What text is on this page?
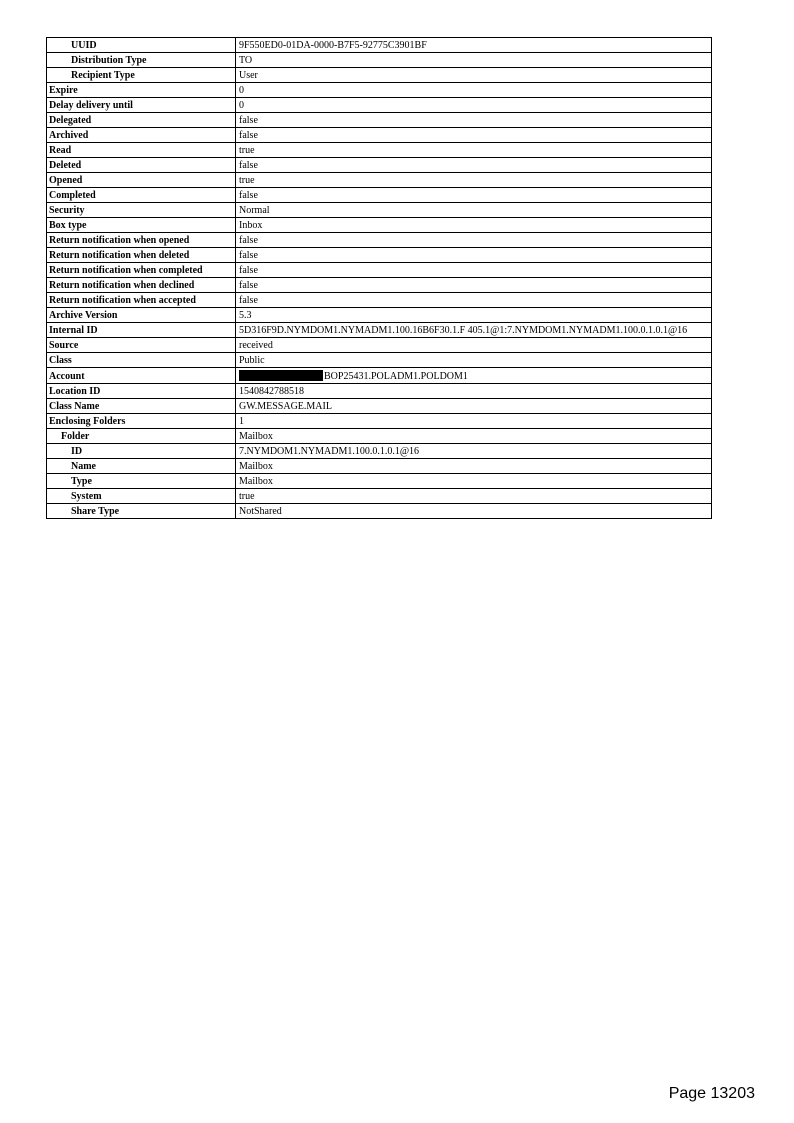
UUID	9F550ED0-01DA-0000-B7F5-92775C3901BF
Distribution Type	TO
Recipient Type	User
Expire	0
Delay delivery until	0
Delegated	false
Archived	false
Read	true
Deleted	false
Opened	true
Completed	false
Security	Normal
Box type	Inbox
Return notification when opened	false
Return notification when deleted	false
Return notification when completed	false
Return notification when declined	false
Return notification when accepted	false
Archive Version	5.3
Internal ID	5D316F9D.NYMDOM1.NYMADM1.100.16B6F30.1.F 405.1@1:7.NYMDOM1.NYMADM1.100.0.1.0.1@16
Source	received
Class	Public
Account	BOP25431.POLADM1.POLDOM1
Location ID	1540842788518
Class Name	GW.MESSAGE.MAIL
Enclosing Folders	1
Folder	Mailbox
ID	7.NYMDOM1.NYMADM1.100.0.1.0.1@16
Name	Mailbox
Type	Mailbox
System	true
Share Type	NotShared
Page 13203
